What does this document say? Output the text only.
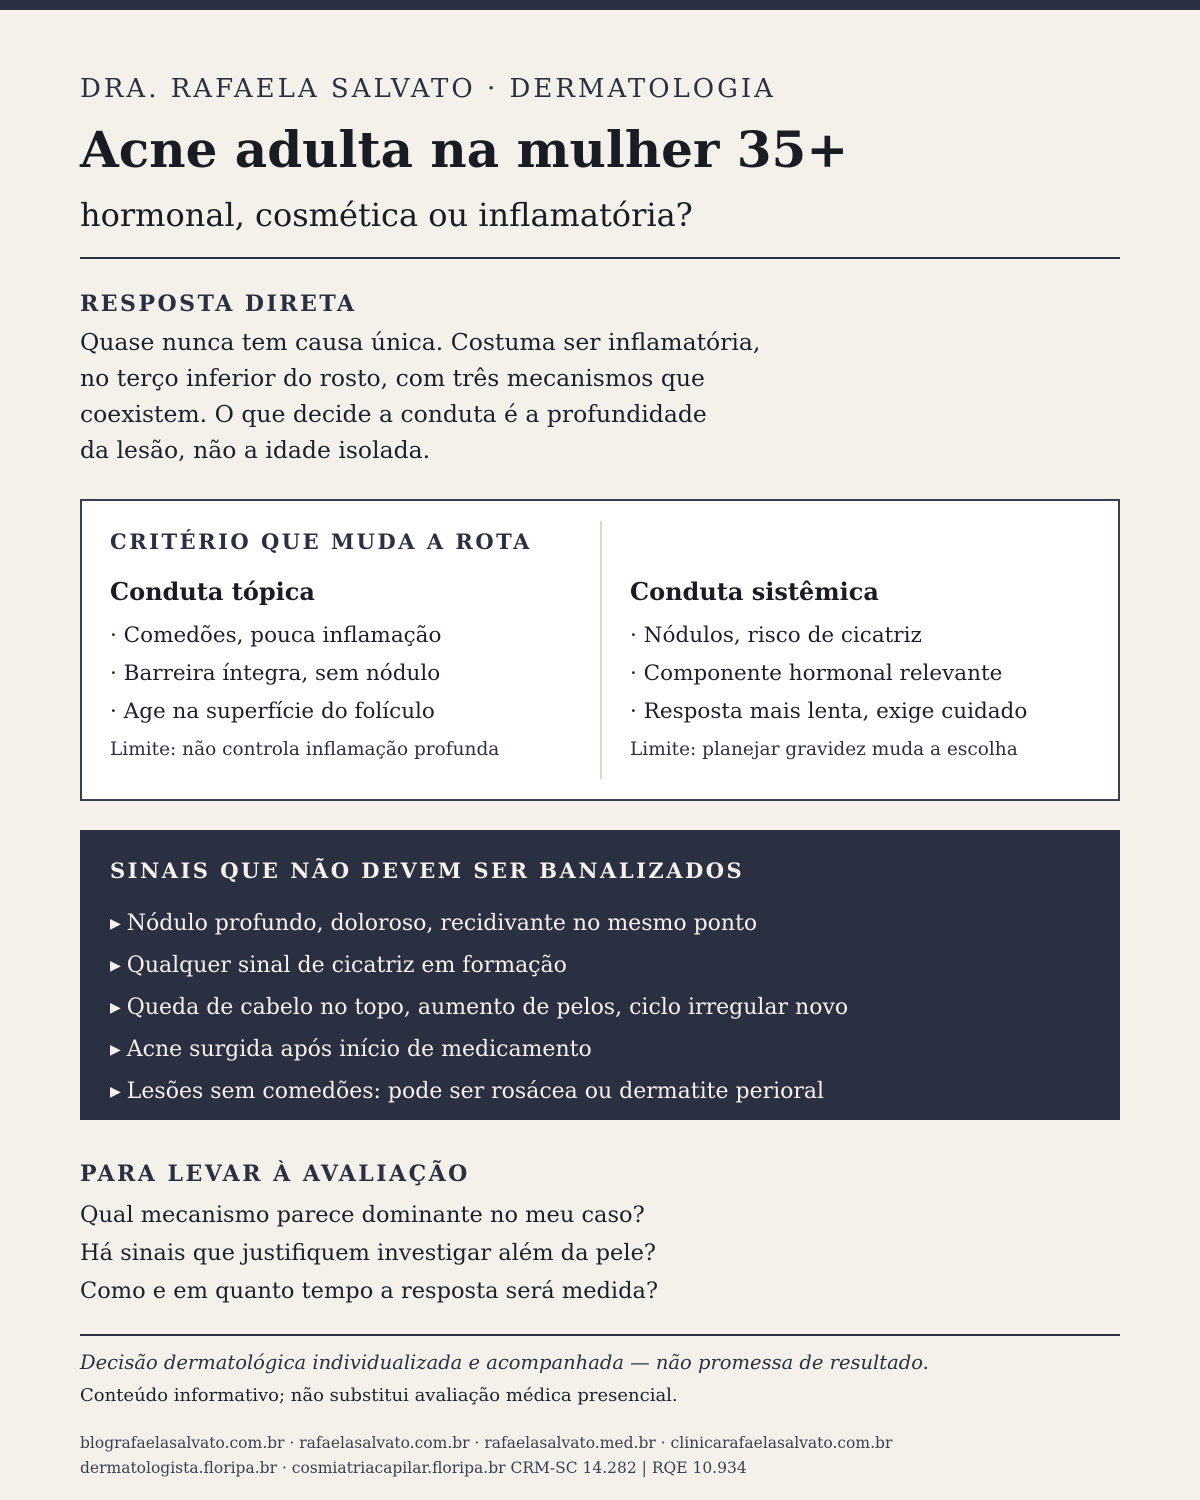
DRA. RAFAELA SALVATO · DERMATOLOGIA
Acne adulta na mulher 35+
hormonal, cosmética ou inflamatória?
RESPOSTA DIRETA
Quase nunca tem causa única. Costuma ser inflamatória,
no terço inferior do rosto, com três mecanismos que
coexistem. O que decide a conduta é a profundidade
da lesão, não a idade isolada.
CRITÉRIO QUE MUDA A ROTA
Conduta tópica
· Comedões, pouca inflamação
· Barreira íntegra, sem nódulo
· Age na superfície do folículo
Limite: não controla inflamação profunda
Conduta sistêmica
· Nódulos, risco de cicatriz
· Componente hormonal relevante
· Resposta mais lenta, exige cuidado
Limite: planejar gravidez muda a escolha
SINAIS QUE NÃO DEVEM SER BANALIZADOS
▶ Nódulo profundo, doloroso, recidivante no mesmo ponto
▶ Qualquer sinal de cicatriz em formação
▶ Queda de cabelo no topo, aumento de pelos, ciclo irregular novo
▶ Acne surgida após início de medicamento
▶ Lesões sem comedões: pode ser rosácea ou dermatite perioral
PARA LEVAR À AVALIAÇÃO
Qual mecanismo parece dominante no meu caso?
Há sinais que justifiquem investigar além da pele?
Como e em quanto tempo a resposta será medida?
Decisão dermatológica individualizada e acompanhada — não promessa de resultado.
Conteúdo informativo; não substitui avaliação médica presencial.
blografaelasalvato.com.br · rafaelasalvato.com.br · rafaelasalvato.med.br · clinicarafaelasalvato.com.br
dermatologista.floripa.br · cosmiatriacapilar.floripa.br CRM-SC 14.282 | RQE 10.934
